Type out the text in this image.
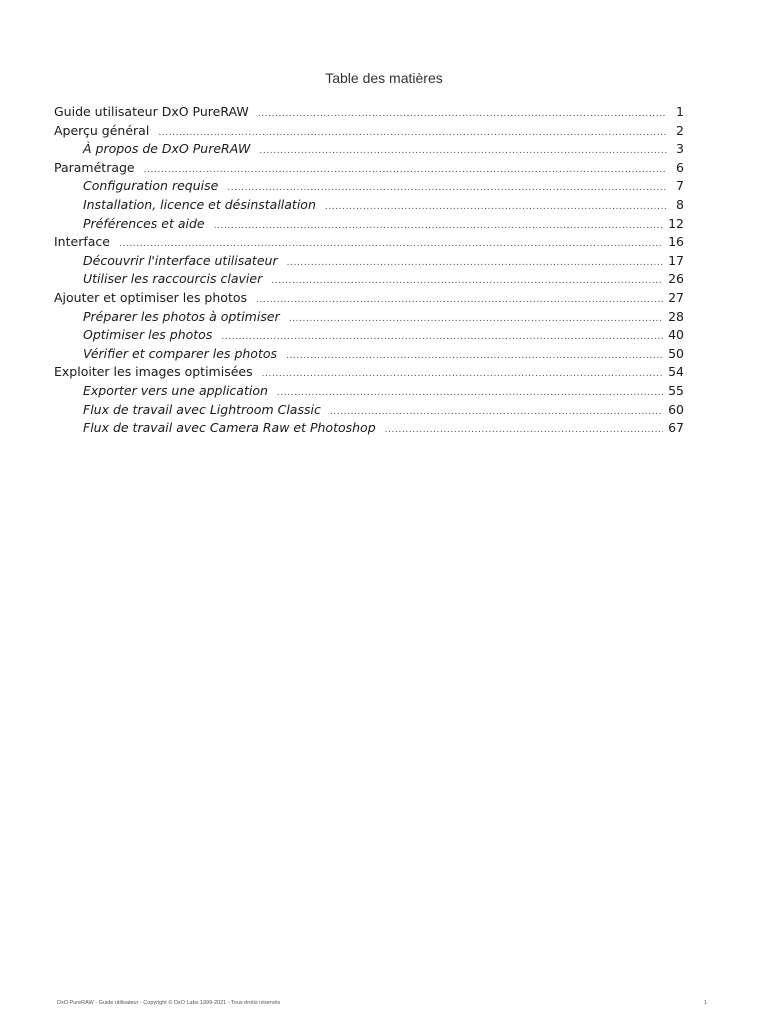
Table des matières
Guide utilisateur DxO PureRAW .....	1
Aperçu général .....	2
À propos de DxO PureRAW .....	3
Paramétrage .....	6
Configuration requise .....	7
Installation, licence et désinstallation .....	8
Préférences et aide .....	12
Interface .....	16
Découvrir l'interface utilisateur .....	17
Utiliser les raccourcis clavier .....	26
Ajouter et optimiser les photos .....	27
Préparer les photos à optimiser .....	28
Optimiser les photos .....	40
Vérifier et comparer les photos .....	50
Exploiter les images optimisées .....	54
Exporter vers une application .....	55
Flux de travail avec Lightroom Classic .....	60
Flux de travail avec Camera Raw et Photoshop .....	67
DxO PureRAW - Guide utilisateur - Copyright © DxO Labs 1999-2021 - Tous droits réservés	1
